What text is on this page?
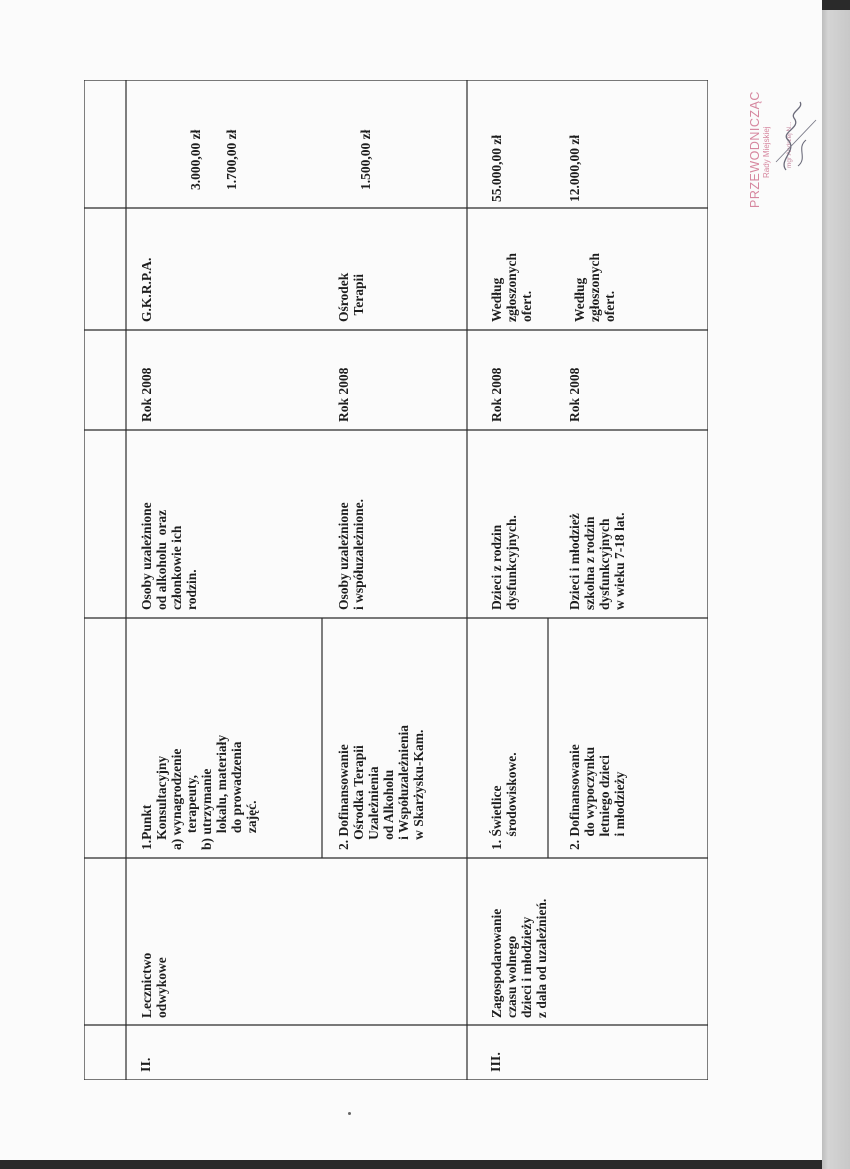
II.
Lecznictwo
odwykowe
1.Punkt
Konsultacyjny
a) wynagrodzenie
terapeuty,
b) utrzymanie
lokalu, materiały
do prowadzenia
zajęć.
Osoby uzależnione
od alkoholu  oraz
członkowie ich
rodzin.
Rok 2008
G.K.R.P.A.
3.000,00 zł 1.700,00 zł
2. Dofinansowanie
Ośrodka Terapii
Uzależnienia
od Alkoholu
i Współuzależnienia
w Skarżysku-Kam.
Osoby uzależnione
i współuzależnione.
Rok 2008
Ośrodek
Terapii
1.500,00 zł
III.
Zagospodarowanie
czasu wolnego
dzieci i młodzieży
z dala od uzależnień.
1. Świetlice
środowiskowe.
Dzieci z rodzin
dysfunkcyjnych.
Rok 2008
Według
zgłoszonych
ofert.
55.000,00 zł
2. Dofinansowanie
do wypoczynku
letniego dzieci
i młodzieży
Dzieci i młodzież
szkolna z rodzin
dysfunkcyjnych
w wieku 7-18 lat.
Rok 2008
Według
zgłoszonych
ofert.
12.000,00 zł	PRZEWODNICZĄC Rady Miejskiej mgr Andrzej N...
